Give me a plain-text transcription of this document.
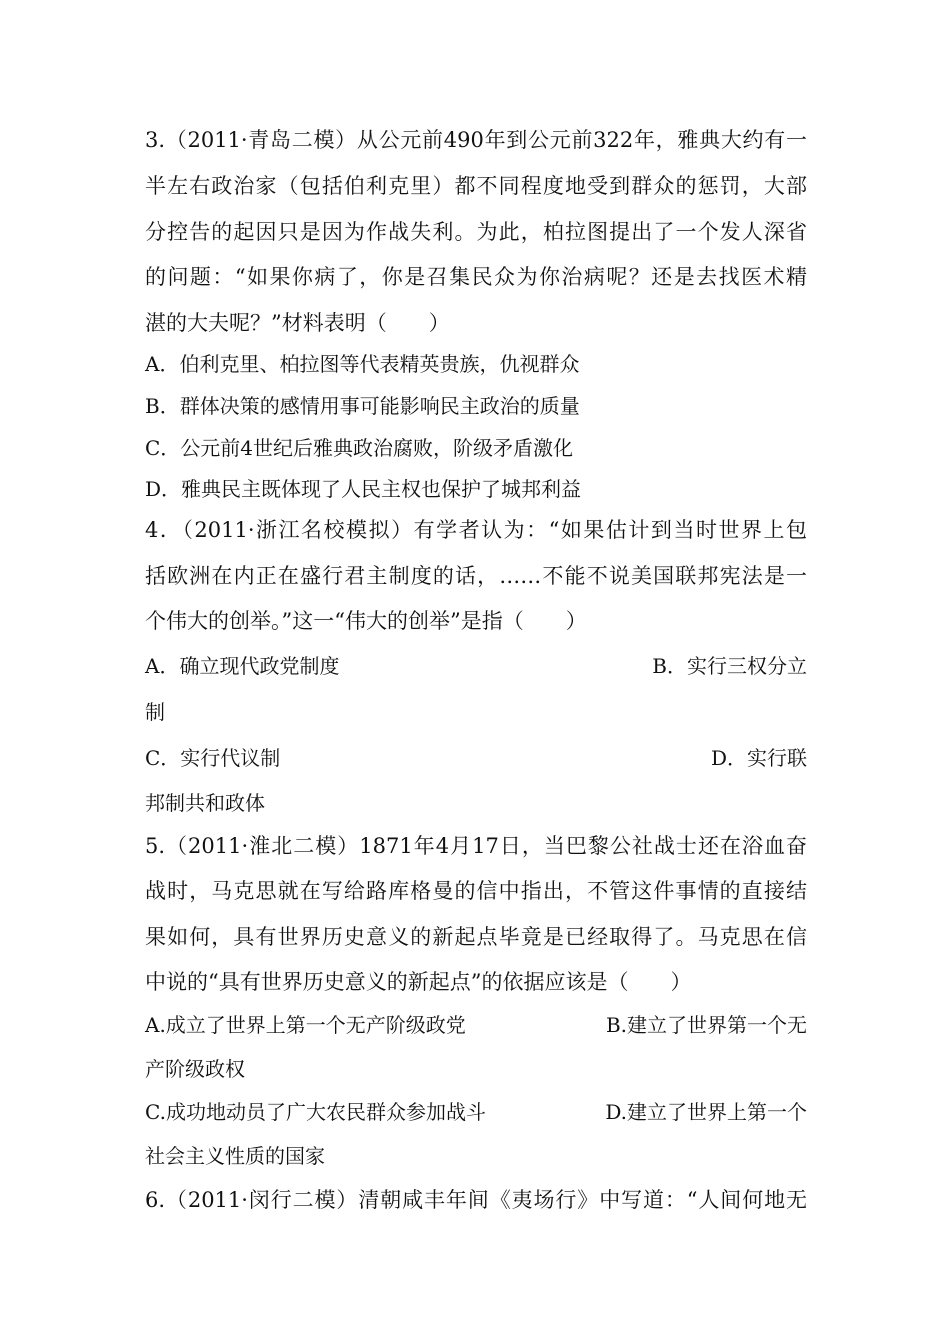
3.（2011·青岛二模）从公元前490年到公元前322年，雅典大约有一
半左右政治家（包括伯利克里）都不同程度地受到群众的惩罚，大部
分控告的起因只是因为作战失利。为此，柏拉图提出了一个发人深省
的问题：“如果你病了，你是召集民众为你治病呢？还是去找医术精
湛的大夫呢？”材料表明（　　）
A．伯利克里、柏拉图等代表精英贵族，仇视群众
B．群体决策的感情用事可能影响民主政治的质量
C．公元前4世纪后雅典政治腐败，阶级矛盾激化
D．雅典民主既体现了人民主权也保护了城邦利益
4．（2011·浙江名校模拟）有学者认为：“如果估计到当时世界上包
括欧洲在内正在盛行君主制度的话，……不能不说美国联邦宪法是一
个伟大的创举。”这一“伟大的创举”是指（　　）
A．确立现代政党制度	B．实行三权分立
制
C．实行代议制	D．实行联
邦制共和政体
5.（2011·淮北二模）1871年4月17日，当巴黎公社战士还在浴血奋
战时，马克思就在写给路库格曼的信中指出，不管这件事情的直接结
果如何，具有世界历史意义的新起点毕竟是已经取得了。马克思在信
中说的“具有世界历史意义的新起点”的依据应该是（　　）
A.成立了世界上第一个无产阶级政党	B.建立了世界第一个无
产阶级政权
C.成功地动员了广大农民群众参加战斗	D.建立了世界上第一个
社会主义性质的国家
6.（2011·闵行二模）清朝咸丰年间《夷场行》中写道：“人间何地无
